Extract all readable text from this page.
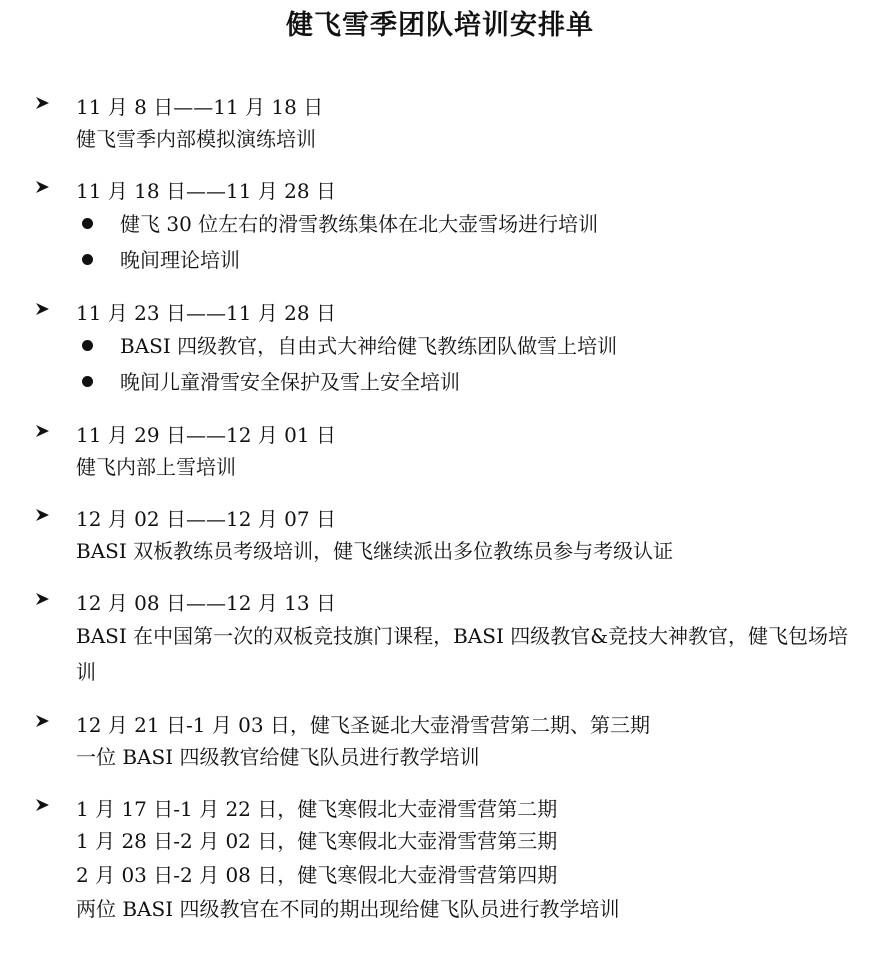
健飞雪季团队培训安排单
11 月 8 日——11 月 18 日
健飞雪季内部模拟演练培训
11 月 18 日——11 月 28 日
健飞 30 位左右的滑雪教练集体在北大壶雪场进行培训
晚间理论培训
11 月 23 日——11 月 28 日
BASI 四级教官，自由式大神给健飞教练团队做雪上培训
晚间儿童滑雪安全保护及雪上安全培训
11 月 29 日——12 月 01 日
健飞内部上雪培训
12 月 02 日——12 月 07 日
BASI 双板教练员考级培训，健飞继续派出多位教练员参与考级认证
12 月 08 日——12 月 13 日
BASI 在中国第一次的双板竞技旗门课程，BASI 四级教官&竞技大神教官，健飞包场培训
12 月 21 日-1 月 03 日，健飞圣诞北大壶滑雪营第二期、第三期
一位 BASI 四级教官给健飞队员进行教学培训
1 月 17 日-1 月 22 日，健飞寒假北大壶滑雪营第二期
1 月 28 日-2 月 02 日，健飞寒假北大壶滑雪营第三期
2 月 03 日-2 月 08 日，健飞寒假北大壶滑雪营第四期
两位 BASI 四级教官在不同的期出现给健飞队员进行教学培训
